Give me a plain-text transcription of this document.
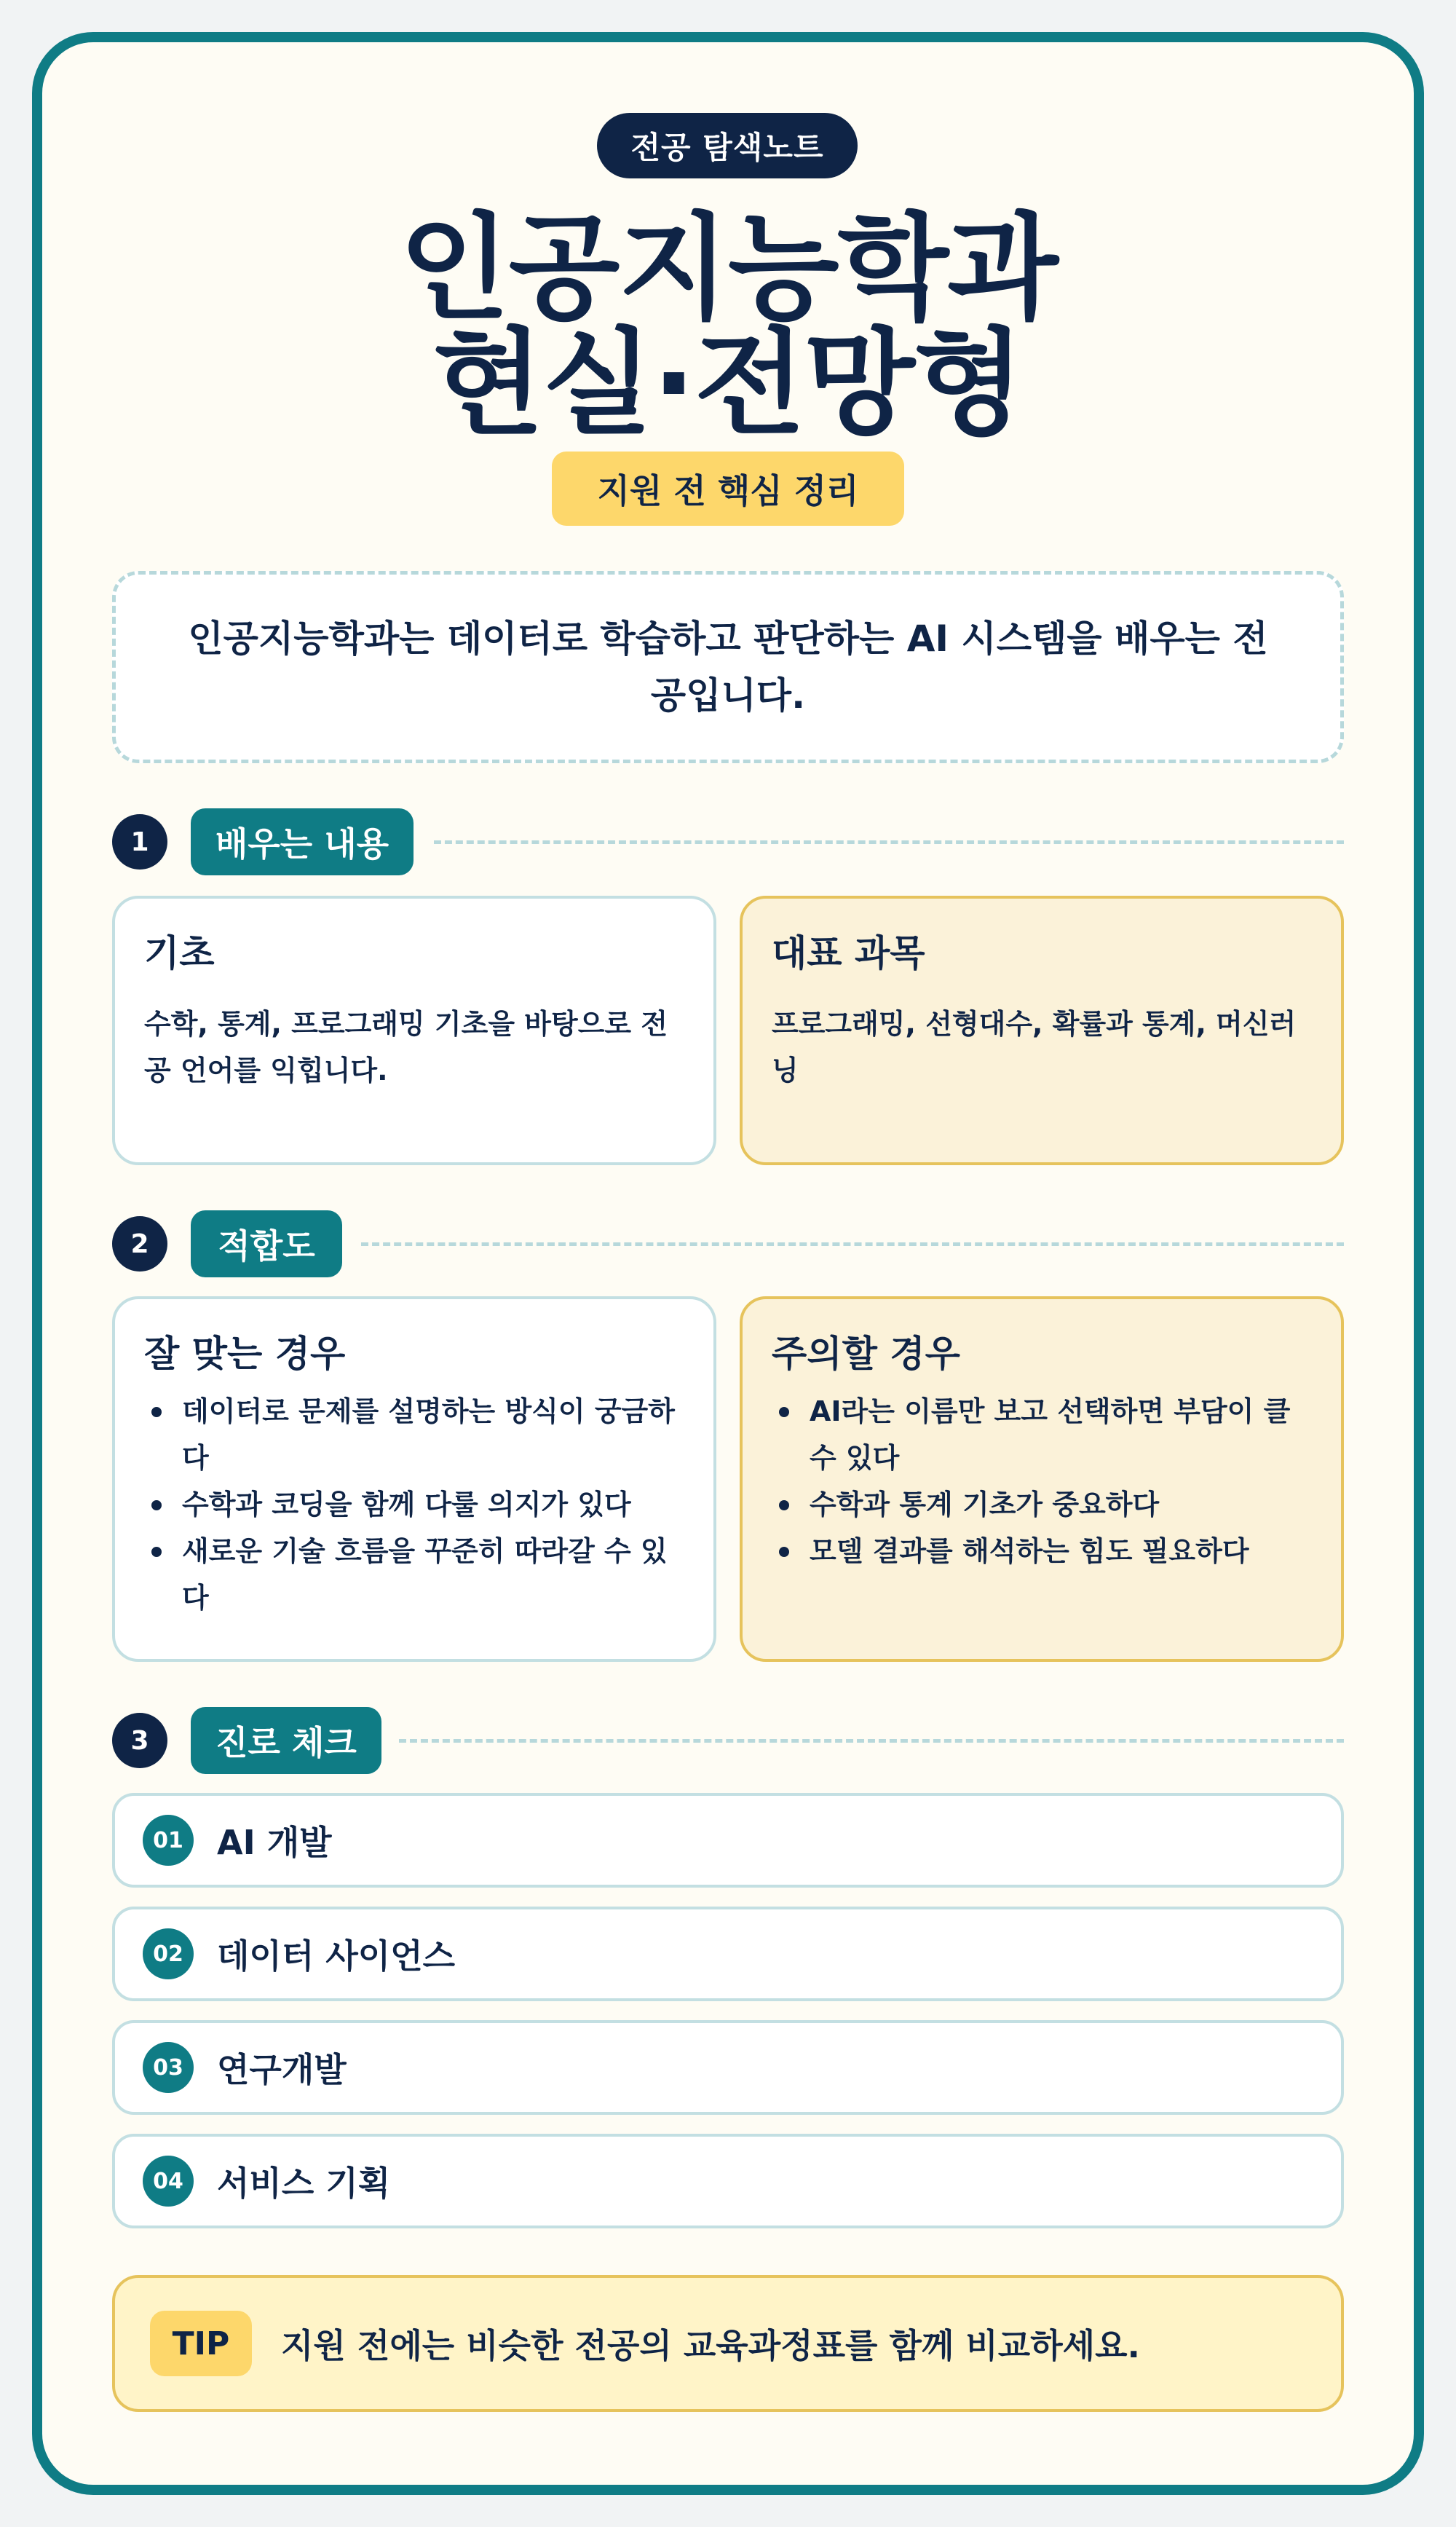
전공 탐색노트
인공지능학과
현실·전망형
지원 전 핵심 정리
인공지능학과는 데이터로 학습하고 판단하는 AI 시스템을 배우는 전공입니다.
1	배우는 내용
기초
수학, 통계, 프로그래밍 기초을 바탕으로 전공 언어를 익힙니다.
대표 과목
프로그래밍, 선형대수, 확률과 통계, 머신러닝
2	적합도
잘 맞는 경우
데이터로 문제를 설명하는 방식이 궁금하다
수학과 코딩을 함께 다룰 의지가 있다
새로운 기술 흐름을 꾸준히 따라갈 수 있다
주의할 경우
AI라는 이름만 보고 선택하면 부담이 클 수 있다
수학과 통계 기초가 중요하다
모델 결과를 해석하는 힘도 필요하다
3	진로 체크
01	AI 개발
02	데이터 사이언스
03	연구개발
04	서비스 기획
TIP	지원 전에는 비슷한 전공의 교육과정표를 함께 비교하세요.
